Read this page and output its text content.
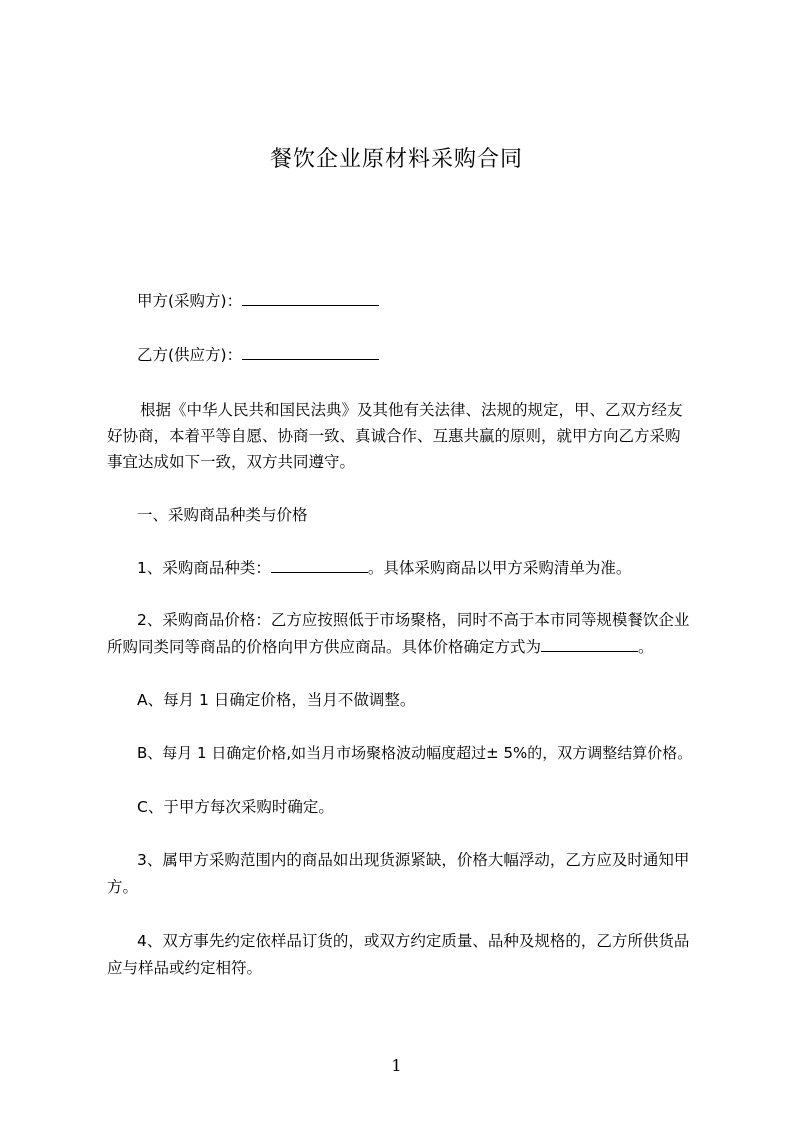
餐饮企业原材料采购合同
甲方(采购方)：
乙方(供应方)：
根据《中华人民共和国民法典》及其他有关法律、法规的规定，甲、乙双方经友
好协商，本着平等自愿、协商一致、真诚合作、互惠共赢的原则，就甲方向乙方采购
事宜达成如下一致，双方共同遵守。
一、采购商品种类与价格
1、采购商品种类：	。具体采购商品以甲方采购清单为准。
2、采购商品价格：乙方应按照低于市场聚格，同时不高于本市同等规模餐饮企业
所购同类同等商品的价格向甲方供应商品。具体价格确定方式为	。
A、每月 1 日确定价格，当月不做调整。
B、每月 1 日确定价格,如当月市场聚格波动幅度超过± 5%的，双方调整结算价格。
C、于甲方每次采购时确定。
3、属甲方采购范围内的商品如出现货源紧缺，价格大幅浮动，乙方应及时通知甲
方。
4、双方事先约定依样品订货的，或双方约定质量、品种及规格的，乙方所供货品
应与样品或约定相符。
1
